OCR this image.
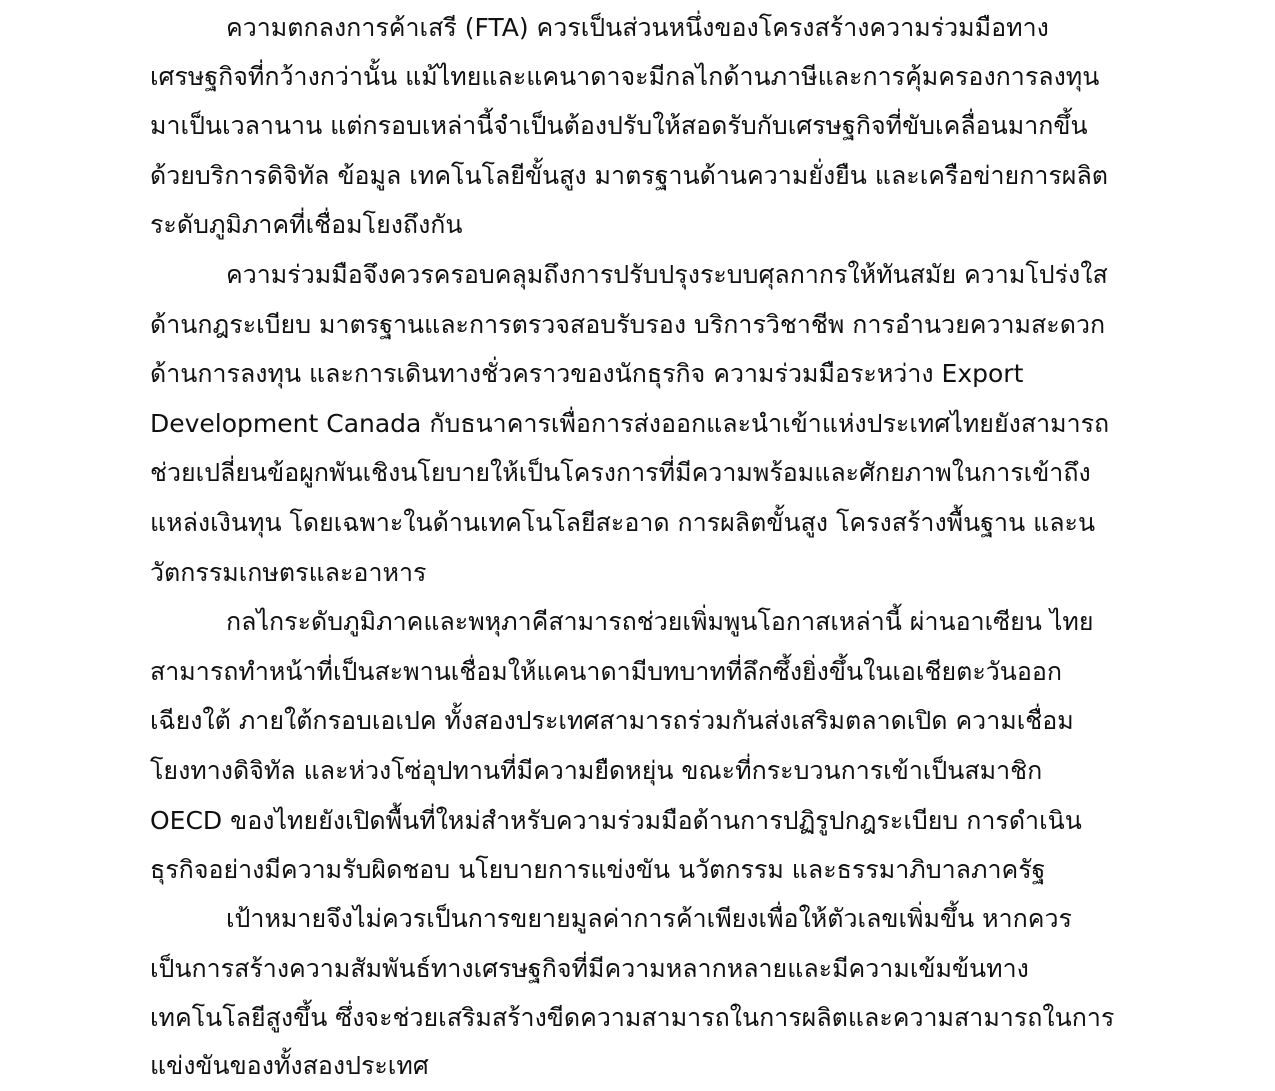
ความตกลงการค้าเสรี (FTA) ควรเป็นส่วนหนึ่งของโครงสร้างความร่วมมือทาง
เศรษฐกิจที่กว้างกว่านั้น แม้ไทยและแคนาดาจะมีกลไกด้านภาษีและการคุ้มครองการลงทุน
มาเป็นเวลานาน แต่กรอบเหล่านี้จำเป็นต้องปรับให้สอดรับกับเศรษฐกิจที่ขับเคลื่อนมากขึ้น
ด้วยบริการดิจิทัล ข้อมูล เทคโนโลยีขั้นสูง มาตรฐานด้านความยั่งยืน และเครือข่ายการผลิต
ระดับภูมิภาคที่เชื่อมโยงถึงกัน
ความร่วมมือจึงควรครอบคลุมถึงการปรับปรุงระบบศุลกากรให้ทันสมัย ความโปร่งใส
ด้านกฎระเบียบ มาตรฐานและการตรวจสอบรับรอง บริการวิชาชีพ การอำนวยความสะดวก
ด้านการลงทุน และการเดินทางชั่วคราวของนักธุรกิจ ความร่วมมือระหว่าง Export
Development Canada กับธนาคารเพื่อการส่งออกและนำเข้าแห่งประเทศไทยยังสามารถ
ช่วยเปลี่ยนข้อผูกพันเชิงนโยบายให้เป็นโครงการที่มีความพร้อมและศักยภาพในการเข้าถึง
แหล่งเงินทุน โดยเฉพาะในด้านเทคโนโลยีสะอาด การผลิตขั้นสูง โครงสร้างพื้นฐาน และน
วัตกรรมเกษตรและอาหาร
กลไกระดับภูมิภาคและพหุภาคีสามารถช่วยเพิ่มพูนโอกาสเหล่านี้ ผ่านอาเซียน ไทย
สามารถทำหน้าที่เป็นสะพานเชื่อมให้แคนาดามีบทบาทที่ลึกซึ้งยิ่งขึ้นในเอเชียตะวันออก
เฉียงใต้ ภายใต้กรอบเอเปค ทั้งสองประเทศสามารถร่วมกันส่งเสริมตลาดเปิด ความเชื่อม
โยงทางดิจิทัล และห่วงโซ่อุปทานที่มีความยืดหยุ่น ขณะที่กระบวนการเข้าเป็นสมาชิก
OECD ของไทยยังเปิดพื้นที่ใหม่สำหรับความร่วมมือด้านการปฏิรูปกฎระเบียบ การดำเนิน
ธุรกิจอย่างมีความรับผิดชอบ นโยบายการแข่งขัน นวัตกรรม และธรรมาภิบาลภาครัฐ
เป้าหมายจึงไม่ควรเป็นการขยายมูลค่าการค้าเพียงเพื่อให้ตัวเลขเพิ่มขึ้น หากควร
เป็นการสร้างความสัมพันธ์ทางเศรษฐกิจที่มีความหลากหลายและมีความเข้มข้นทาง
เทคโนโลยีสูงขึ้น ซึ่งจะช่วยเสริมสร้างขีดความสามารถในการผลิตและความสามารถในการ
แข่งขันของทั้งสองประเทศ
